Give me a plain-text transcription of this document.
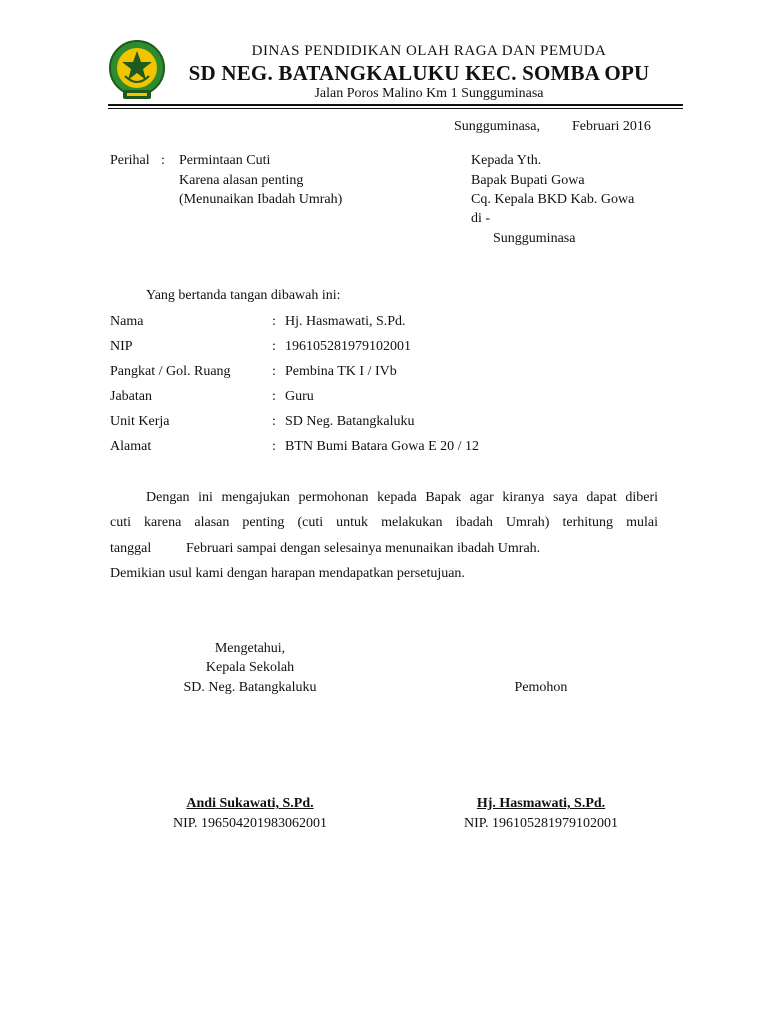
DINAS PENDIDIKAN OLAH RAGA DAN PEMUDA
SD NEG. BATANGKALUKU KEC. SOMBA OPU
Jalan Poros Malino Km 1 Sungguminasa
Sungguminasa, Februari 2016
Perihal : Permintaan Cuti
Karena alasan penting
(Menunaikan Ibadah Umrah)
Kepada Yth.
Bapak Bupati Gowa
Cq. Kepala BKD Kab. Gowa
di -
Sungguminasa
Yang bertanda tangan dibawah ini:
Nama	: Hj. Hasmawati, S.Pd.
NIP	: 196105281979102001
Pangkat / Gol. Ruang	: Pembina TK I / IVb
Jabatan	: Guru
Unit Kerja	: SD Neg. Batangkaluku
Alamat	: BTN Bumi Batara Gowa E 20 / 12
Dengan ini mengajukan permohonan kepada Bapak agar kiranya saya dapat diberi
cuti karena alasan penting (cuti untuk melakukan ibadah Umrah) terhitung mulai
tanggal Februari sampai dengan selesainya menunaikan ibadah Umrah.
Demikian usul kami dengan harapan mendapatkan persetujuan.
Mengetahui,
Kepala Sekolah
SD. Neg. Batangkaluku
Andi Sukawati, S.Pd.
NIP. 196504201983062001
Pemohon
Hj. Hasmawati, S.Pd.
NIP. 196105281979102001
